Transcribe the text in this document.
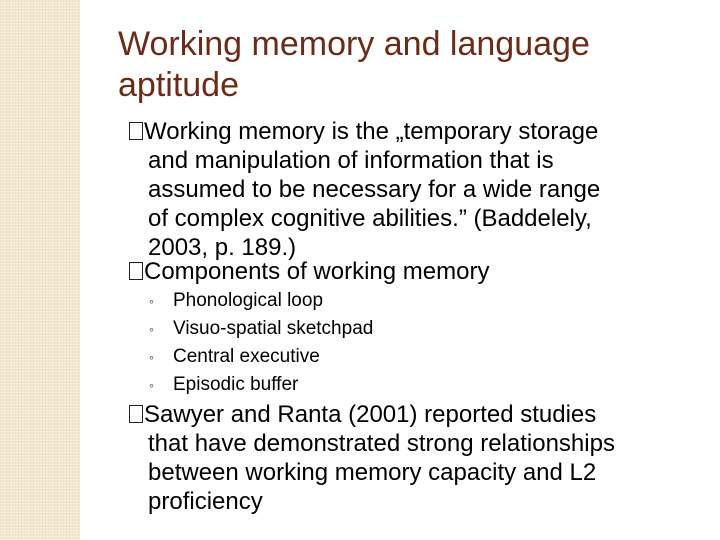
Working memory and language
aptitude
Working memory is the „temporary storage
and manipulation of information that is
assumed to be necessary for a wide range
of complex cognitive abilities.” (Baddelely,
2003, p. 189.)
Components of working memory
◦	Phonological loop
◦	Visuo-spatial sketchpad
◦	Central executive
◦	Episodic buffer
Sawyer and Ranta (2001) reported studies
that have demonstrated strong relationships
between working memory capacity and L2
proficiency
